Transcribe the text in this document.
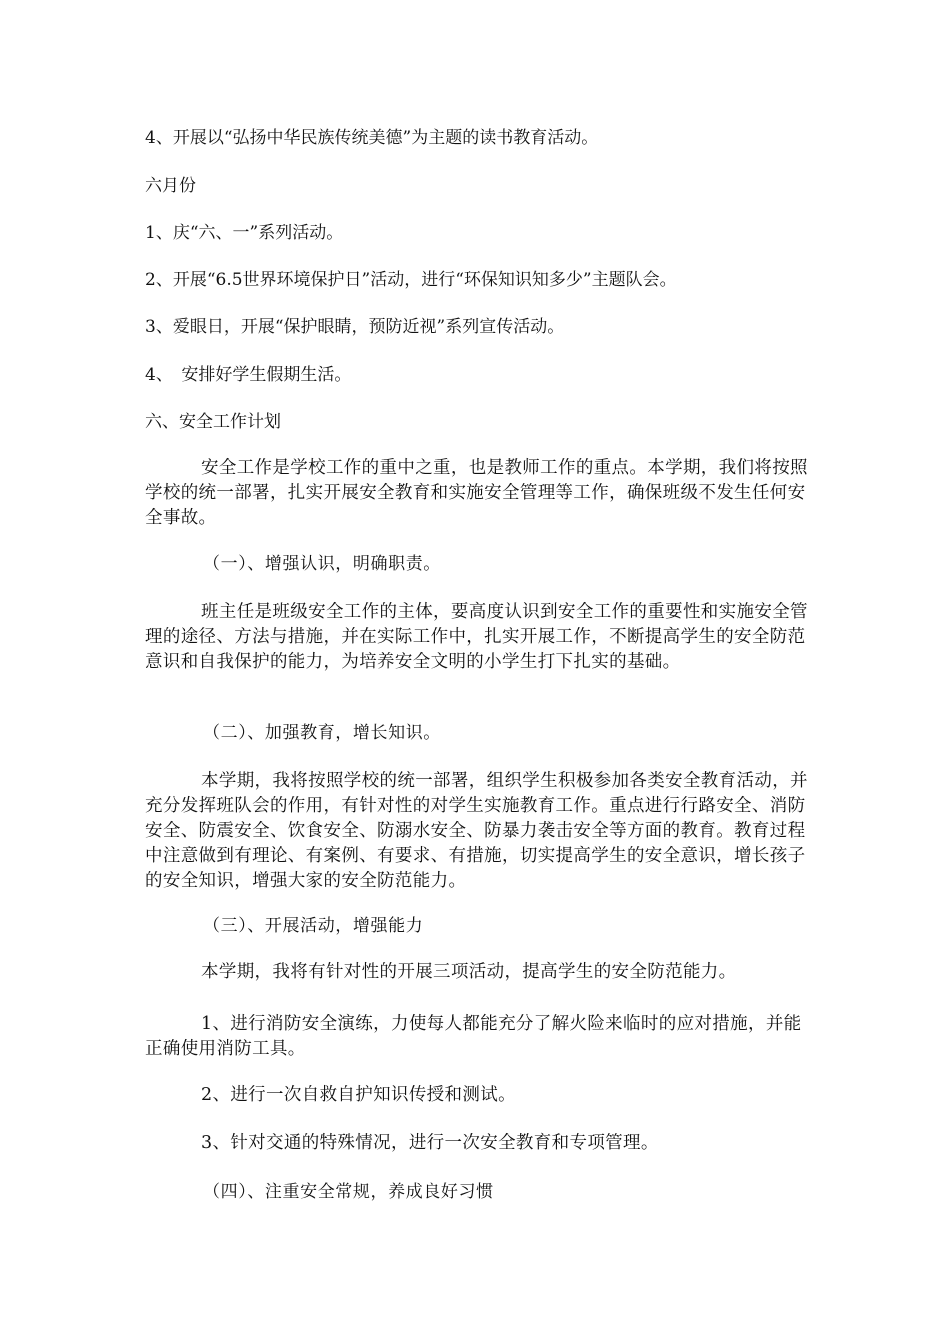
4、开展以“弘扬中华民族传统美德”为主题的读书教育活动。
六月份
1、庆“六、一”系列活动。
2、开展“6.5世界环境保护日”活动，进行“环保知识知多少”主题队会。
3、爱眼日，开展“保护眼睛，预防近视”系列宣传活动。
4、　安排好学生假期生活。
六、安全工作计划
安全工作是学校工作的重中之重，也是教师工作的重点。本学期，我们将按照学校的统一部署，扎实开展安全教育和实施安全管理等工作，确保班级不发生任何安全事故。
（一）、增强认识，明确职责。
班主任是班级安全工作的主体，要高度认识到安全工作的重要性和实施安全管理的途径、方法与措施，并在实际工作中，扎实开展工作，不断提高学生的安全防范意识和自我保护的能力，为培养安全文明的小学生打下扎实的基础。
（二）、加强教育，增长知识。
本学期，我将按照学校的统一部署，组织学生积极参加各类安全教育活动，并充分发挥班队会的作用，有针对性的对学生实施教育工作。重点进行行路安全、消防安全、防震安全、饮食安全、防溺水安全、防暴力袭击安全等方面的教育。教育过程中注意做到有理论、有案例、有要求、有措施，切实提高学生的安全意识，增长孩子的安全知识，增强大家的安全防范能力。
（三）、开展活动，增强能力
本学期，我将有针对性的开展三项活动，提高学生的安全防范能力。
1、进行消防安全演练，力使每人都能充分了解火险来临时的应对措施，并能正确使用消防工具。
2、进行一次自救自护知识传授和测试。
3、针对交通的特殊情况，进行一次安全教育和专项管理。
（四）、注重安全常规，养成良好习惯
